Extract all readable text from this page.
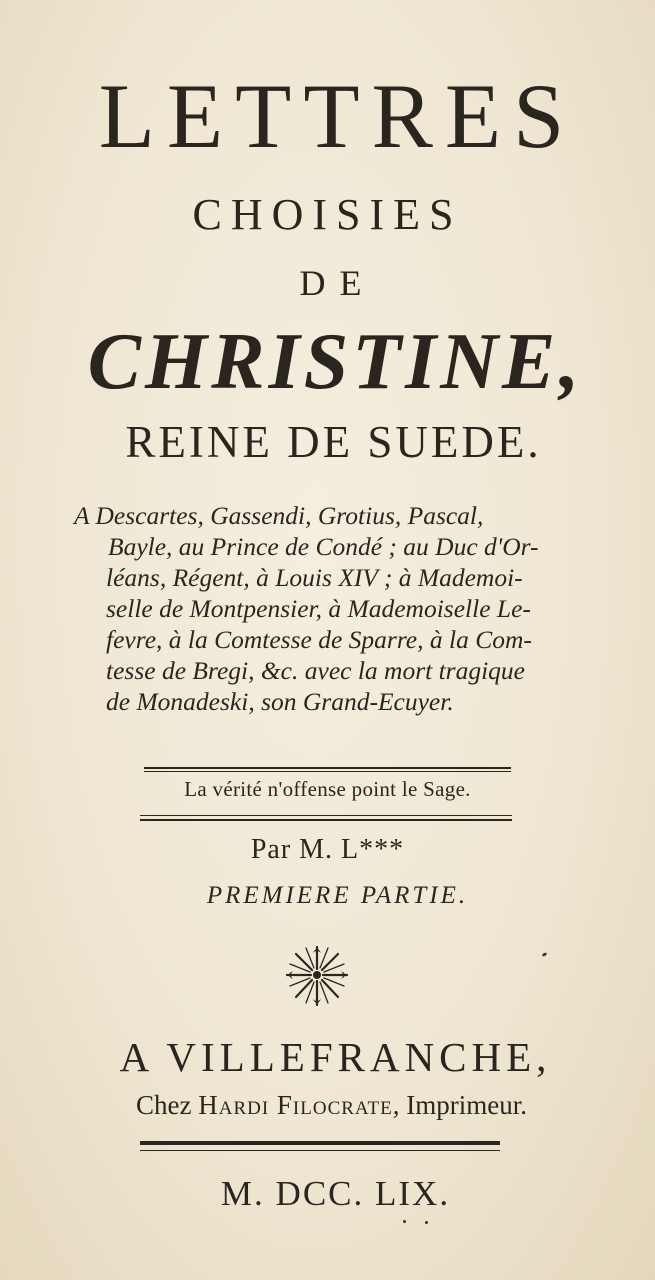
LETTRES
CHOISIES
DE
CHRISTINE,
REINE DE SUEDE.
A Descartes, Gassendi, Grotius, Pascal,
Bayle, au Prince de Condé ; au Duc d'Or-
léans, Régent, à Louis XIV ; à Mademoi-
selle de Montpensier, à Mademoiselle Le-
fevre, à la Comtesse de Sparre, à la Com-
tesse de Bregi, &c. avec la mort tragique
de Monadeski, son Grand-Ecuyer.
La vérité n'offense point le Sage.
Par M. L***
PREMIERE PARTIE.
A VILLEFRANCHE,
Chez Hardi Filocrate, Imprimeur.
M. DCC. LIX.
